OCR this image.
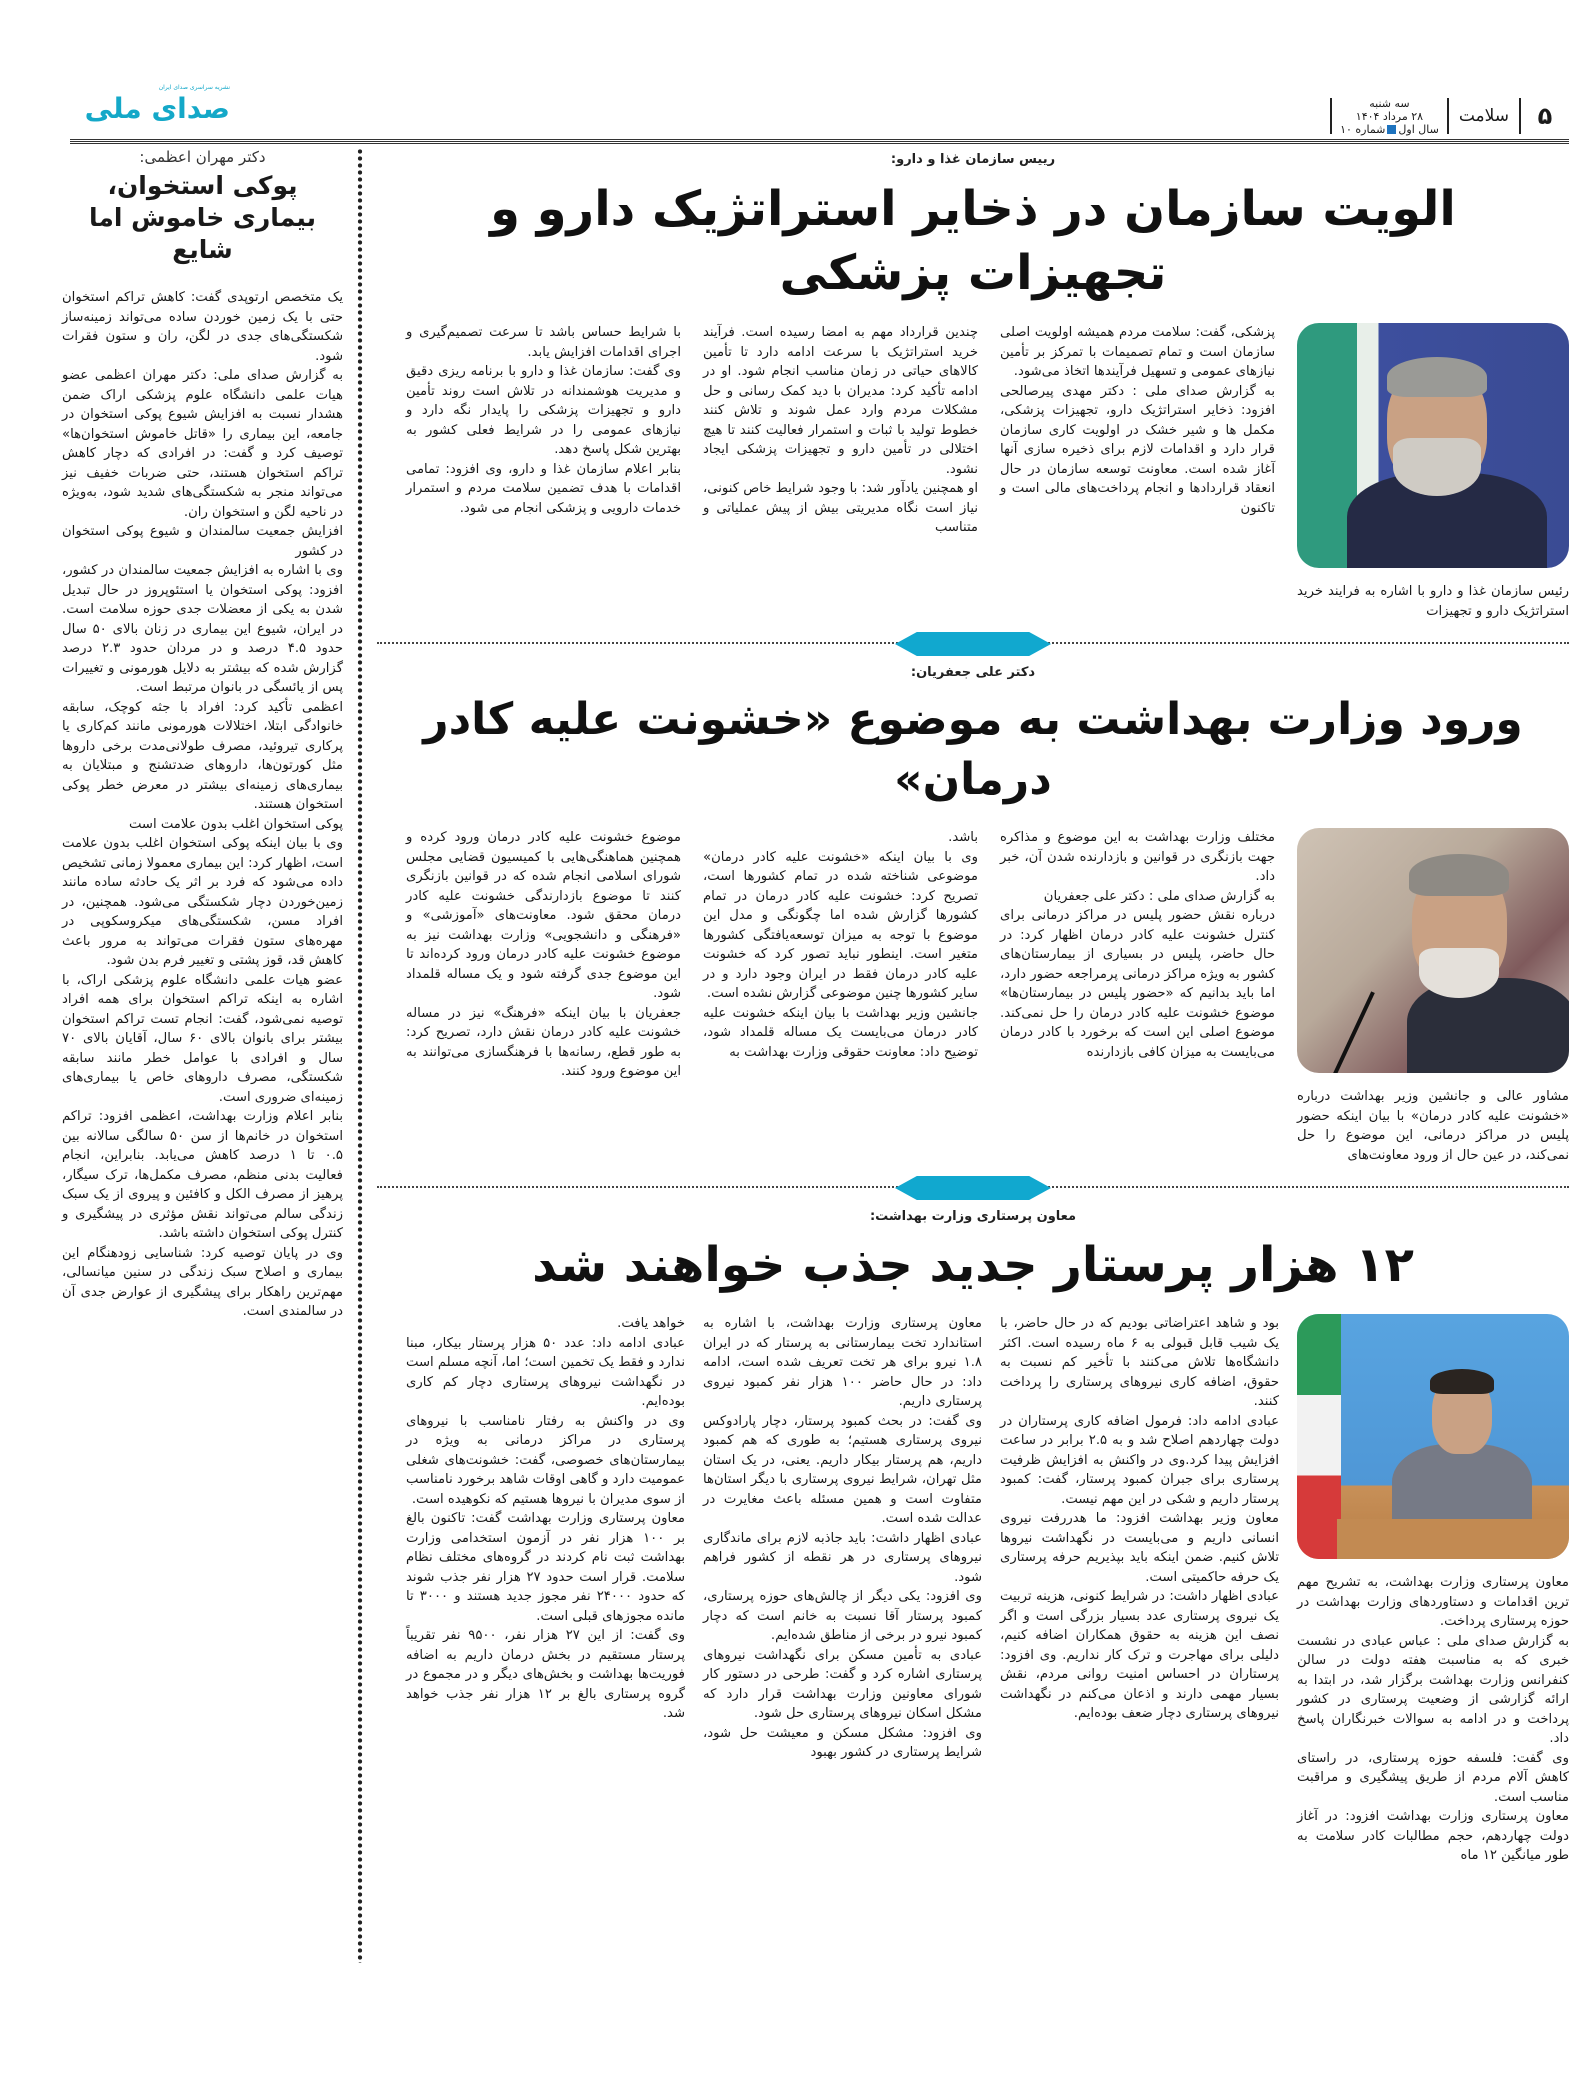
۵
سلامت
سه شنبه
۲۸ مرداد ۱۴۰۴
سال اولشماره ۱۰
نشریه سراسری صدای ایران
صدای ملی
رییس سازمان غذا و دارو:
الویت سازمان در ذخایر استراتژیک دارو و تجهیزات پزشکی
رئیس سازمان غذا و دارو با اشاره به فرایند خرید استراتژیک دارو و تجهیزات

پزشکی، گفت: سلامت مردم همیشه اولویت اصلی سازمان است و تمام تصمیمات با تمرکز بر تأمین نیازهای عمومی و تسهیل فرآیندها اتخاذ می‌شود.

به گزارش صدای ملی : دکتر مهدی پیرصالحی افزود: ذخایر استراتژیک دارو، تجهیزات پزشکی، مکمل ها و شیر خشک در اولویت کاری سازمان قرار دارد و اقدامات لازم برای ذخیره سازی آنها آغاز شده است. معاونت توسعه سازمان در حال انعقاد قراردادها و انجام پرداخت‌های مالی است و تاکنون

چندین قرارداد مهم به امضا رسیده است. فرآیند خرید استراتژیک با سرعت ادامه دارد تا تأمین کالاهای حیاتی در زمان مناسب انجام شود. او در ادامه تأکید کرد: مدیران با دید کمک رسانی و حل مشکلات مردم وارد عمل شوند و تلاش کنند خطوط تولید با ثبات و استمرار فعالیت کنند تا هیچ اختلالی در تأمین دارو و تجهیزات پزشکی ایجاد نشود.

او همچنین یادآور شد: با وجود شرایط خاص کنونی، نیاز است نگاه مدیریتی بیش از پیش عملیاتی و متناسب

با شرایط حساس باشد تا سرعت تصمیم‌گیری و اجرای اقدامات افزایش یابد.

وی گفت: سازمان غذا و دارو با برنامه ریزی دقیق و مدیریت هوشمندانه در تلاش است روند تأمین دارو و تجهیزات پزشکی را پایدار نگه دارد و نیازهای عمومی را در شرایط فعلی کشور به بهترین شکل پاسخ دهد.

بنابر اعلام سازمان غذا و دارو، وی افزود: تمامی اقدامات با هدف تضمین سلامت مردم و استمرار خدمات دارویی و پزشکی انجام می شود.

دکتر علی جعفریان:
ورود وزارت بهداشت به موضوع «خشونت علیه کادر درمان»
مشاور عالی و جانشین وزیر بهداشت درباره «خشونت علیه کادر درمان» با بیان اینکه حضور پلیس در مراکز درمانی، این موضوع را حل نمی‌کند، در عین حال از ورود معاونت‌های

مختلف وزارت بهداشت به این موضوع و مذاکره جهت بازنگری در قوانین و بازدارنده شدن آن، خبر داد.

به گزارش صدای ملی : دکتر علی جعفریان

درباره نقش حضور پلیس در مراکز درمانی برای کنترل خشونت علیه کادر درمان اظهار کرد: در حال حاضر، پلیس در بسیاری از بیمارستان‌های کشور به ویژه مراکز درمانی پرمراجعه حضور دارد، اما باید بدانیم که «حضور پلیس در بیمارستان‌ها» موضوع خشونت علیه کادر درمان را حل نمی‌کند. موضوع اصلی این است که برخورد با کادر درمان می‌بایست به میزان کافی بازدارنده

باشد.

وی با بیان اینکه «خشونت علیه کادر درمان» موضوعی شناخته شده در تمام کشورها است، تصریح کرد: خشونت علیه کادر درمان در تمام کشورها گزارش شده اما چگونگی و مدل این موضوع با توجه به میزان توسعه‌یافتگی کشورها متغیر است. اینطور نباید تصور کرد که خشونت علیه کادر درمان فقط در ایران وجود دارد و در سایر کشورها چنین موضوعی گزارش نشده است.

جانشین وزیر بهداشت با بیان اینکه خشونت علیه کادر درمان می‌بایست یک مساله قلمداد شود، توضیح داد: معاونت حقوقی وزارت بهداشت به

موضوع خشونت علیه کادر درمان ورود کرده و همچنین هماهنگی‌هایی با کمیسیون قضایی مجلس شورای اسلامی انجام شده که در قوانین بازنگری کنند تا موضوع بازدارندگی خشونت علیه کادر درمان محقق شود. معاونت‌های «آموزشی» و «فرهنگی و دانشجویی» وزارت بهداشت نیز به موضوع خشونت علیه کادر درمان ورود کرده‌اند تا این موضوع جدی گرفته شود و یک مساله قلمداد شود.

جعفریان با بیان اینکه «فرهنگ» نیز در مساله خشونت علیه کادر درمان نقش دارد، تصریح کرد: به طور قطع، رسانه‌ها با فرهنگسازی می‌توانند به این موضوع ورود کنند.

معاون پرستاری وزارت بهداشت:
۱۲ هزار پرستار جدید جذب خواهند شد
معاون پرستاری وزارت بهداشت، به تشریح مهم ترین اقدامات و دستاوردهای وزارت بهداشت در حوزه پرستاری پرداخت.

به گزارش صدای ملی : عباس عبادی در نشست خبری که به مناسبت هفته دولت در سالن کنفرانس وزارت بهداشت برگزار شد، در ابتدا به ارائه گزارشی از وضعیت پرستاری در کشور پرداخت و در ادامه به سوالات خبرنگاران پاسخ داد.

وی گفت: فلسفه حوزه پرستاری، در راستای کاهش آلام مردم از طریق پیشگیری و مراقبت مناسب است.

معاون پرستاری وزارت بهداشت افزود: در آغاز دولت چهاردهم، حجم مطالبات کادر سلامت به طور میانگین ۱۲ ماه

بود و شاهد اعتراضاتی بودیم که در حال حاضر، با یک شیب قابل قبولی به ۶ ماه رسیده است. اکثر دانشگاه‌ها تلاش می‌کنند با تأخیر کم نسبت به حقوق، اضافه کاری نیروهای پرستاری را پرداخت کنند.

عبادی ادامه داد: فرمول اضافه کاری پرستاران در دولت چهاردهم اصلاح شد و به ۲.۵ برابر در ساعت افزایش پیدا کرد.وی در واکنش به افزایش ظرفیت پرستاری برای جبران کمبود پرستار، گفت: کمبود پرستار داریم و شکی در این مهم نیست.

معاون وزیر بهداشت افزود: ما هدررفت نیروی انسانی داریم و می‌بایست در نگهداشت نیروها تلاش کنیم. ضمن اینکه باید بپذیریم حرفه پرستاری یک حرفه حاکمیتی است.

عبادی اظهار داشت: در شرایط کنونی، هزینه تربیت یک نیروی پرستاری عدد بسیار بزرگی است و اگر نصف این هزینه به حقوق همکاران اضافه کنیم، دلیلی برای مهاجرت و ترک کار نداریم. وی افزود: پرستاران در احساس امنیت روانی مردم، نقش بسیار مهمی دارند و اذعان می‌کنم در نگهداشت نیروهای پرستاری دچار ضعف بوده‌ایم.

معاون پرستاری وزارت بهداشت، با اشاره به استاندارد تخت بیمارستانی به پرستار که در ایران ۱.۸ نیرو برای هر تخت تعریف شده است، ادامه داد: در حال حاضر ۱۰۰ هزار نفر کمبود نیروی پرستاری داریم.

وی گفت: در بحث کمبود پرستار، دچار پارادوکس نیروی پرستاری هستیم؛ به طوری که هم کمبود داریم، هم پرستار بیکار داریم. یعنی، در یک استان مثل تهران، شرایط نیروی پرستاری با دیگر استان‌ها متفاوت است و همین مسئله باعث مغایرت در عدالت شده است.

عبادی اظهار داشت: باید جاذبه لازم برای ماندگاری نیروهای پرستاری در هر نقطه از کشور فراهم شود.

وی افزود: یکی دیگر از چالش‌های حوزه پرستاری، کمبود پرستار آقا نسبت به خانم است که دچار کمبود نیرو در برخی از مناطق شده‌ایم.

عبادی به تأمین مسکن برای نگهداشت نیروهای پرستاری اشاره کرد و گفت: طرحی در دستور کار شورای معاونین وزارت بهداشت قرار دارد که مشکل اسکان نیروهای پرستاری حل شود.

وی افزود: مشکل مسکن و معیشت حل شود، شرایط پرستاری در کشور بهبود

خواهد یافت.

عبادی ادامه داد: عدد ۵۰ هزار پرستار بیکار، مبنا ندارد و فقط یک تخمین است؛ اما، آنچه مسلم است در نگهداشت نیروهای پرستاری دچار کم کاری بوده‌ایم.

وی در واکنش به رفتار نامناسب با نیروهای پرستاری در مراکز درمانی به ویژه در بیمارستان‌های خصوصی، گفت: خشونت‌های شغلی عمومیت دارد و گاهی اوقات شاهد برخورد نامناسب از سوی مدیران با نیروها هستیم که نکوهیده است.

معاون پرستاری وزارت بهداشت گفت: تاکنون بالغ بر ۱۰۰ هزار نفر در آزمون استخدامی وزارت بهداشت ثبت نام کردند در گروه‌های مختلف نظام سلامت. قرار است حدود ۲۷ هزار نفر جذب شوند که حدود ۲۴۰۰۰ نفر مجوز جدید هستند و ۳۰۰۰ تا مانده مجوزهای قبلی است.

وی گفت: از این ۲۷ هزار نفر، ۹۵۰۰ نفر تقریباً پرستار مستقیم در بخش درمان داریم به اضافه فوریت‌ها بهداشت و بخش‌های دیگر و در مجموع در گروه پرستاری بالغ بر ۱۲ هزار نفر جذب خواهد شد.

دکتر مهران اعظمی:
پوکی استخوان، بیماری خاموش اما شایع

یک متخصص ارتوپدی گفت: کاهش تراکم استخوان حتی با یک زمین خوردن ساده می‌تواند زمینه‌ساز شکستگی‌های جدی در لگن، ران و ستون فقرات شود.

به گزارش صدای ملی: دکتر مهران اعظمی عضو هیات علمی دانشگاه علوم پزشکی اراک ضمن هشدار نسبت به افزایش شیوع پوکی استخوان در جامعه، این بیماری را «قاتل خاموش استخوان‌ها» توصیف کرد و گفت: در افرادی که دچار کاهش تراکم استخوان هستند، حتی ضربات خفیف نیز می‌تواند منجر به شکستگی‌های شدید شود، به‌ویژه در ناحیه لگن و استخوان ران.

افزایش جمعیت سالمندان و شیوع پوکی استخوان در کشور

وی با اشاره به افزایش جمعیت سالمندان در کشور، افزود: پوکی استخوان یا استئوپروز در حال تبدیل شدن به یکی از معضلات جدی حوزه سلامت است. در ایران، شیوع این بیماری در زنان بالای ۵۰ سال حدود ۴.۵ درصد و در مردان حدود ۲.۳ درصد گزارش شده که بیشتر به دلایل هورمونی و تغییرات پس از یائسگی در بانوان مرتبط است.

اعظمی تأکید کرد: افراد با جثه کوچک، سابقه خانوادگی ابتلا، اختلالات هورمونی مانند کم‌کاری یا پرکاری تیروئید، مصرف طولانی‌مدت برخی داروها مثل کورتون‌ها، داروهای ضدتشنج و مبتلایان به بیماری‌های زمینه‌ای بیشتر در معرض خطر پوکی استخوان هستند.

پوکی استخوان اغلب بدون علامت است

وی با بیان اینکه پوکی استخوان اغلب بدون علامت است، اظهار کرد: این بیماری معمولا زمانی تشخیص داده می‌شود که فرد بر اثر یک حادثه ساده مانند زمین‌خوردن دچار شکستگی می‌شود. همچنین، در افراد مسن، شکستگی‌های میکروسکوپی در مهره‌های ستون فقرات می‌تواند به مرور باعث کاهش قد، قوز پشتی و تغییر فرم بدن شود.

عضو هیات علمی دانشگاه علوم پزشکی اراک، با اشاره به اینکه تراکم استخوان برای همه افراد توصیه نمی‌شود، گفت: انجام تست تراکم استخوان بیشتر برای بانوان بالای ۶۰ سال، آقایان بالای ۷۰ سال و افرادی با عوامل خطر مانند سابقه شکستگی، مصرف داروهای خاص یا بیماری‌های زمینه‌ای ضروری است.

بنابر اعلام وزارت بهداشت، اعظمی افزود: تراکم استخوان در خانم‌ها از سن ۵۰ سالگی سالانه بین ۰.۵ تا ۱ درصد کاهش می‌یابد. بنابراین، انجام فعالیت بدنی منظم، مصرف مکمل‌ها، ترک سیگار، پرهیز از مصرف الکل و کافئین و پیروی از یک سبک زندگی سالم می‌تواند نقش مؤثری در پیشگیری و کنترل پوکی استخوان داشته باشد.

وی در پایان توصیه کرد: شناسایی زودهنگام این بیماری و اصلاح سبک زندگی در سنین میانسالی، مهم‌ترین راهکار برای پیشگیری از عوارض جدی آن در سالمندی است.
